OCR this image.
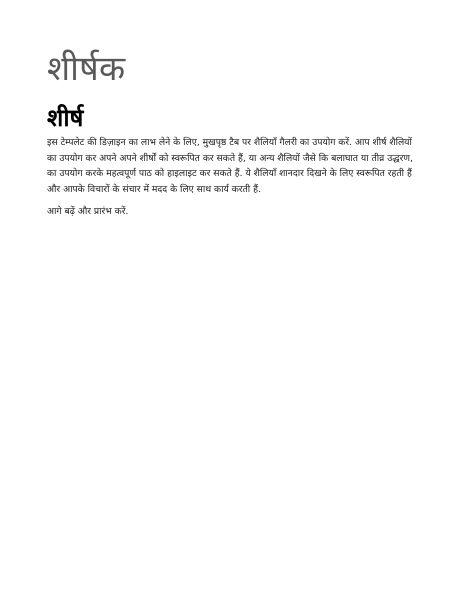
शीर्षक
शीर्ष

इस टेम्पलेट की डिज़ाइन का लाभ लेने के लिए, मुखपृष्ठ टैब पर शैलियाँ गैलरी का उपयोग करें. आप शीर्ष शैलियों का उपयोग कर अपने अपने शीर्षों को स्वरूपित कर सकते हैं, या अन्य शैलियों जैसे कि बलाघात या तीव्र उद्धरण, का उपयोग करके महत्वपूर्ण पाठ को हाइलाइट कर सकते हैं. ये शैलियाँ शानदार दिखने के लिए स्वरूपित रहती हैं और आपके विचारों के संचार में मदद के लिए साथ कार्य करती हैं.

आगे बढ़ें और प्रारंभ करें.
